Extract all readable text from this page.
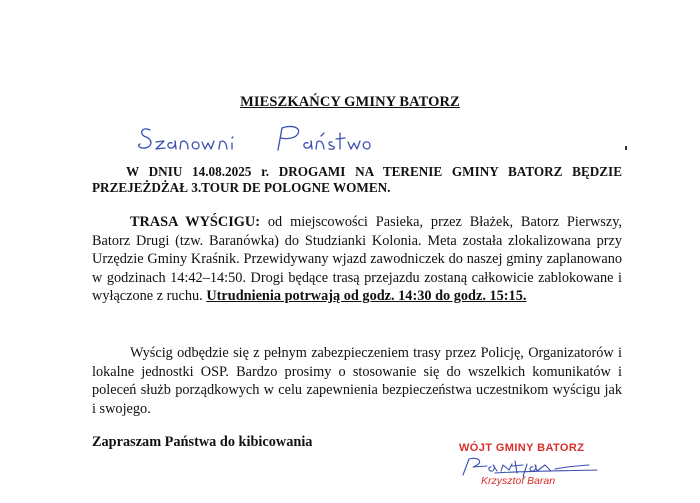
MIESZKAŃCY GMINY BATORZ
W DNIU 14.08.2025 r. DROGAMI NA TERENIE GMINY BATORZ BĘDZIE PRZEJEŻDŻAŁ 3.TOUR DE POLOGNE WOMEN.
TRASA WYŚCIGU: od miejscowości Pasieka, przez Błażek, Batorz Pierwszy, Batorz Drugi (tzw. Baranówka) do Studzianki Kolonia. Meta została zlokalizowana przy Urzędzie Gminy Kraśnik. Przewidywany wjazd zawodniczek do naszej gminy zaplanowano w godzinach 14:42–14:50. Drogi będące trasą przejazdu zostaną całkowicie zablokowane i wyłączone z ruchu. Utrudnienia potrwają od godz. 14:30 do godz. 15:15.
Wyścig odbędzie się z pełnym zabezpieczeniem trasy przez Policję, Organizatorów i lokalne jednostki OSP. Bardzo prosimy o stosowanie się do wszelkich komunikatów i poleceń służb porządkowych w celu zapewnienia bezpieczeństwa uczestnikom wyścigu jak i swojego.
Zapraszam Państwa do kibicowania	WÓJT GMINY BATORZ
Krzysztof Baran
